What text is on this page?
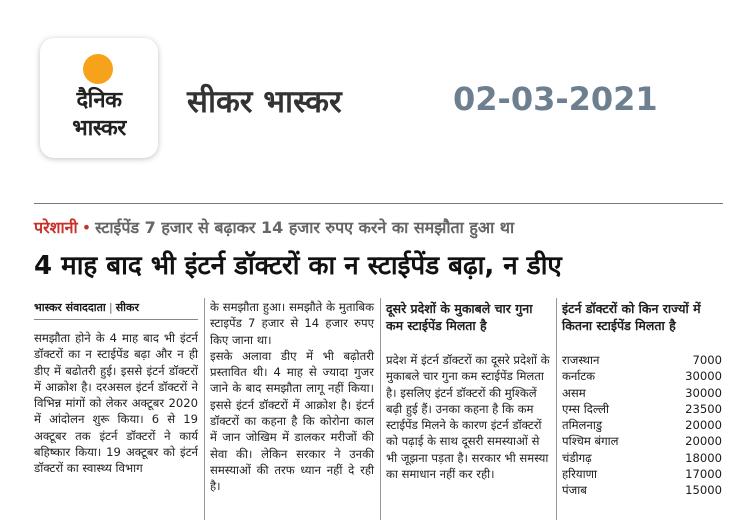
दैनिक
भास्कर
सीकर भास्कर	02-03-2021
परेशानी • स्टाईपेंड 7 हजार से बढ़ाकर 14 हजार रुपए करने का समझौता हुआ था
4 माह बाद भी इंटर्न डॉक्टरों का न स्टाईपेंड बढ़ा, न डीए
भास्कर संवाददाता | सीकर
समझौता होने के 4 माह बाद भी इंटर्न डॉक्टरों का न स्टाईपेंड बढ़ा और न ही डीए में बढोतरी हुई। इससे इंटर्न डॉक्टरों में आक्रोश है। दरअसल इंटर्न डॉक्टरों ने विभिन्न मांगों को लेकर अक्टूबर 2020 में आंदोलन शुरू किया। 6 से 19 अक्टूबर तक इंटर्न डॉक्टरों ने कार्य बहिष्कार किया। 19 अक्टूबर को इंटर्न डॉक्टरों का स्वास्थ्य विभाग
के समझौता हुआ। समझौते के मुताबिक स्टाइपेंड 7 हजार से 14 हजार रुपए किए जाना था।
इसके अलावा डीए में भी बढ़ोतरी प्रस्तावित थी। 4 माह से ज्यादा गुजर जाने के बाद समझौता लागू नहीं किया। इससे इंटर्न डॉक्टरों में आक्रोश है। इंटर्न डॉक्टरों का कहना है कि कोरोना काल में जान जोखिम में डालकर मरीजों की सेवा की। लेकिन सरकार ने उनकी समस्याओं की तरफ ध्यान नहीं दे रही है।
दूसरे प्रदेशों के मुकाबले चार गुना कम स्टाईपेंड मिलता है
प्रदेश में इंटर्न डॉक्टरों का दूसरे प्रदेशों के मुकाबले चार गुना कम स्टाईपेंड मिलता है। इसलिए इंटर्न डॉक्टरों की मुश्किलें बढ़ी हुई हैं। उनका कहना है कि कम स्टाईपेंड मिलने के कारण इंटर्न डॉक्टरों को पढ़ाई के साथ दूसरी समस्याओं से भी जूझना पड़ता है। सरकार भी समस्या का समाधान नहीं कर रही।
इंटर्न डॉक्टरों को किन राज्यों में कितना स्टाईपेंड मिलता है
राजस्थान	7000
कर्नाटक	30000
असम	30000
एम्स दिल्ली	23500
तमिलनाडु	20000
पश्चिम बंगाल	20000
चंडीगढ़	18000
हरियाणा	17000
पंजाब	15000
